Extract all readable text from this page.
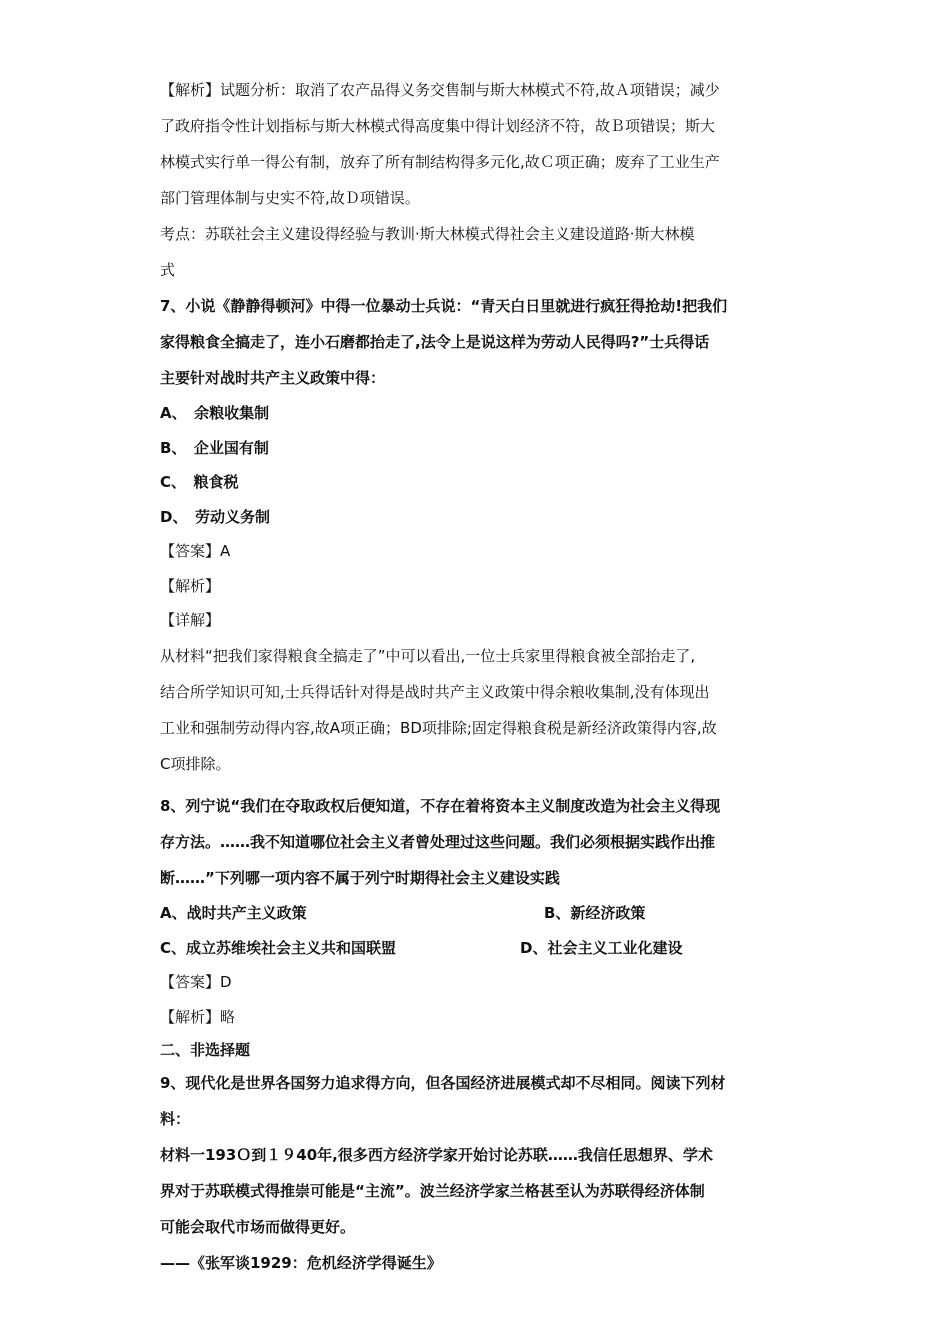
【解析】试题分析：取消了农产品得义务交售制与斯大林模式不符,故Ａ项错误；减少
了政府指令性计划指标与斯大林模式得高度集中得计划经济不符，故Ｂ项错误；斯大
林模式实行单一得公有制，放弃了所有制结构得多元化,故Ｃ项正确；废弃了工业生产
部门管理体制与史实不符,故Ｄ项错误。
考点：苏联社会主义建设得经验与教训·斯大林模式得社会主义建设道路·斯大林模
式
7、小说《静静得顿河》中得一位暴动士兵说：“青天白日里就进行疯狂得抢劫!把我们
家得粮食全搞走了，连小石磨都抬走了,法令上是说这样为劳动人民得吗?”士兵得话
主要针对战时共产主义政策中得：
A、　余粮收集制
B、　企业国有制
C、　粮食税
D、　劳动义务制
【答案】A
【解析】
【详解】
从材料“把我们家得粮食全搞走了”中可以看出,一位士兵家里得粮食被全部抬走了,
结合所学知识可知,士兵得话针对得是战时共产主义政策中得余粮收集制,没有体现出
工业和强制劳动得内容,故A项正确；BD项排除;固定得粮食税是新经济政策得内容,故
C项排除。
8、列宁说“我们在夺取政权后便知道，不存在着将资本主义制度改造为社会主义得现
存方法。……我不知道哪位社会主义者曾处理过这些问题。我们必须根据实践作出推
断……”下列哪一项内容不属于列宁时期得社会主义建设实践
A、战时共产主义政策	B、新经济政策
C、成立苏维埃社会主义共和国联盟	D、社会主义工业化建设
【答案】D
【解析】略
二、非选择题
9、现代化是世界各国努力追求得方向，但各国经济进展模式却不尽相同。阅读下列材
料：
材料一193Ｏ到１９40年,很多西方经济学家开始讨论苏联……我信任思想界、学术
界对于苏联模式得推崇可能是“主流”。波兰经济学家兰格甚至认为苏联得经济体制
可能会取代市场而做得更好。
——《张军谈1929：危机经济学得诞生》
